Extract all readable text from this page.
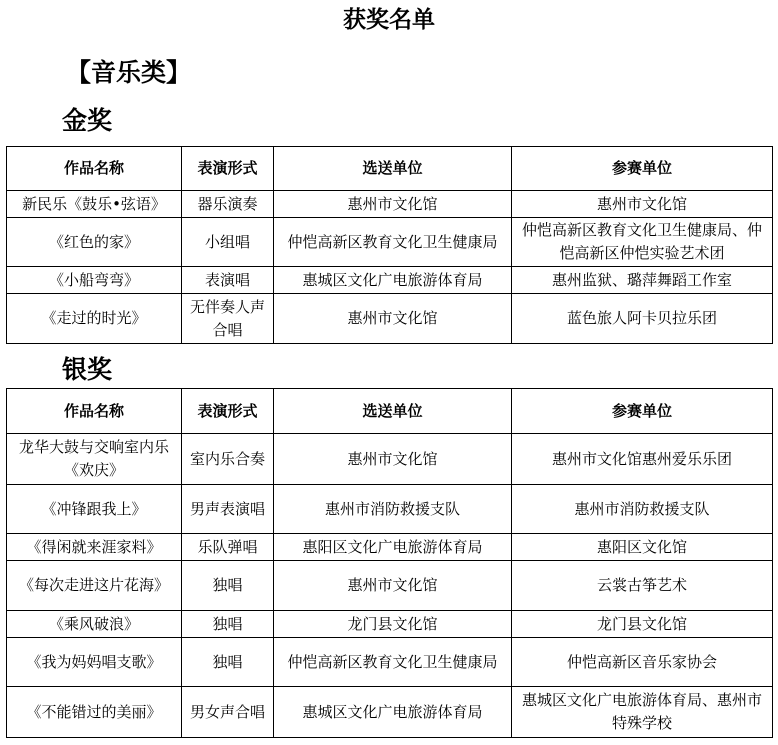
获奖名单
【音乐类】
金奖
作品名称	表演形式	选送单位	参赛单位
新民乐《鼓乐•弦语》	器乐演奏	惠州市文化馆	惠州市文化馆
《红色的家》	小组唱	仲恺高新区教育文化卫生健康局	仲恺高新区教育文化卫生健康局、仲恺高新区仲恺实验艺术团
《小船弯弯》	表演唱	惠城区文化广电旅游体育局	惠州监狱、璐萍舞蹈工作室
《走过的时光》	无伴奏人声合唱	惠州市文化馆	蓝色旅人阿卡贝拉乐团
银奖
作品名称	表演形式	选送单位	参赛单位
龙华大鼓与交响室内乐《欢庆》	室内乐合奏	惠州市文化馆	惠州市文化馆惠州爱乐乐团
《冲锋跟我上》	男声表演唱	惠州市消防救援支队	惠州市消防救援支队
《得闲就来涯家料》	乐队弹唱	惠阳区文化广电旅游体育局	惠阳区文化馆
《每次走进这片花海》	独唱	惠州市文化馆	云裳古筝艺术
《乘风破浪》	独唱	龙门县文化馆	龙门县文化馆
《我为妈妈唱支歌》	独唱	仲恺高新区教育文化卫生健康局	仲恺高新区音乐家协会
《不能错过的美丽》	男女声合唱	惠城区文化广电旅游体育局	惠城区文化广电旅游体育局、惠州市特殊学校
